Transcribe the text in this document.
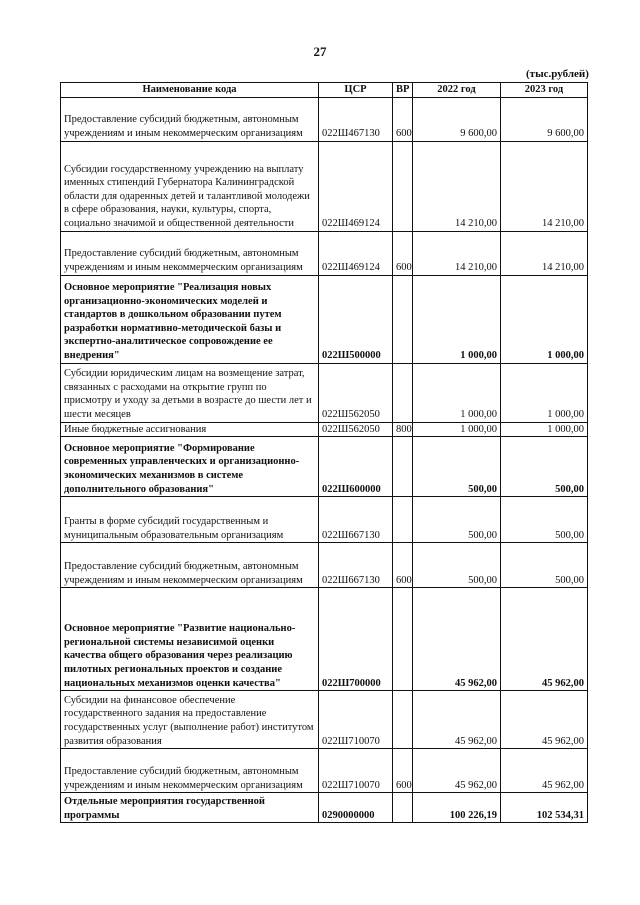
27
(тыс.рублей)
Наименование кода	ЦСР	ВР	2022 год	2023 год
Предоставление субсидий бюджетным, автономным учреждениям и иным некоммерческим организациям	022Ш467130	600	9 600,00	9 600,00
Субсидии государственному учреждению на выплату именных стипендий Губернатора Калининградской области для одаренных детей и талантливой молодежи в сфере образования, науки, культуры, спорта, социально значимой и общественной деятельности	022Ш469124		14 210,00	14 210,00
Предоставление субсидий бюджетным, автономным учреждениям и иным некоммерческим организациям	022Ш469124	600	14 210,00	14 210,00
Основное мероприятие "Реализация новых организационно-экономических моделей и стандартов в дошкольном образовании путем разработки нормативно-методической базы и экспертно-аналитическое сопровождение ее внедрения"	022Ш500000		1 000,00	1 000,00
Субсидии юридическим лицам на возмещение затрат, связанных с расходами на открытие групп по присмотру и уходу за детьми в возрасте до шести лет и шести месяцев	022Ш562050		1 000,00	1 000,00
Иные бюджетные ассигнования	022Ш562050	800	1 000,00	1 000,00
Основное мероприятие "Формирование современных управленческих и организационно-экономических механизмов в системе дополнительного образования"	022Ш600000		500,00	500,00
Гранты в форме субсидий государственным и муниципальным образовательным организациям	022Ш667130		500,00	500,00
Предоставление субсидий бюджетным, автономным учреждениям и иным некоммерческим организациям	022Ш667130	600	500,00	500,00
Основное мероприятие "Развитие национально-региональной системы независимой оценки качества общего образования через реализацию пилотных региональных проектов и создание национальных механизмов оценки качества"	022Ш700000		45 962,00	45 962,00
Субсидии на финансовое обеспечение государственного задания на предоставление государственных услуг (выполнение работ) институтом развития образования	022Ш710070		45 962,00	45 962,00
Предоставление субсидий бюджетным, автономным учреждениям и иным некоммерческим организациям	022Ш710070	600	45 962,00	45 962,00
Отдельные мероприятия государственной программы	0290000000		100 226,19	102 534,31
